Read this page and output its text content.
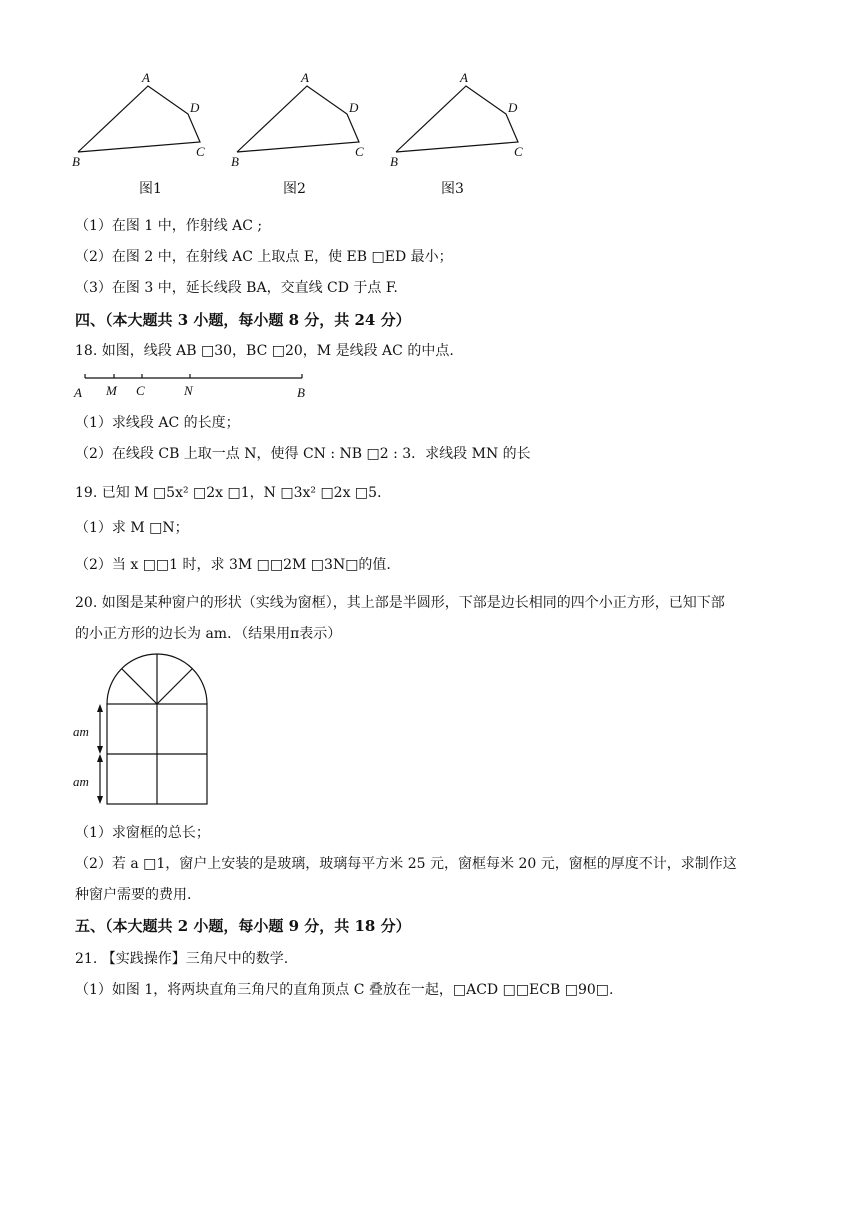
A
B
C
D
A
B
C
D
A
B
C
D
图1	图2	图3
（1）在图 1 中，作射线 AC ;
（2）在图 2 中，在射线 AC 上取点 E，使 EB □ED 最小；
（3）在图 3 中，延长线段 BA，交直线 CD 于点 F.
四、（本大题共 3 小题，每小题 8 分，共 24 分）
18. 如图，线段 AB □30，BC □20，M 是线段 AC 的中点.
A M C	N	B
（1）求线段 AC 的长度；
（2）在线段 CB 上取一点 N，使得 CN : NB □2 : 3．求线段 MN 的长
19. 已知 M □5x² □2x □1，N □3x² □2x □5．
（1）求 M □N；
（2）当 x □□1 时，求 3M □□2M □3N□的值.
20. 如图是某种窗户的形状（实线为窗框），其上部是半圆形，下部是边长相同的四个小正方形，已知下部
的小正方形的边长为 am．（结果用π表示）
am
am
（1）求窗框的总长；
（2）若 a □1，窗户上安装的是玻璃，玻璃每平方米 25 元，窗框每米 20 元，窗框的厚度不计，求制作这
种窗户需要的费用.
五、（本大题共 2 小题，每小题 9 分，共 18 分）
21. 【实践操作】三角尺中的数学.
（1）如图 1，将两块直角三角尺的直角顶点 C 叠放在一起，□ACD □□ECB □90□.
